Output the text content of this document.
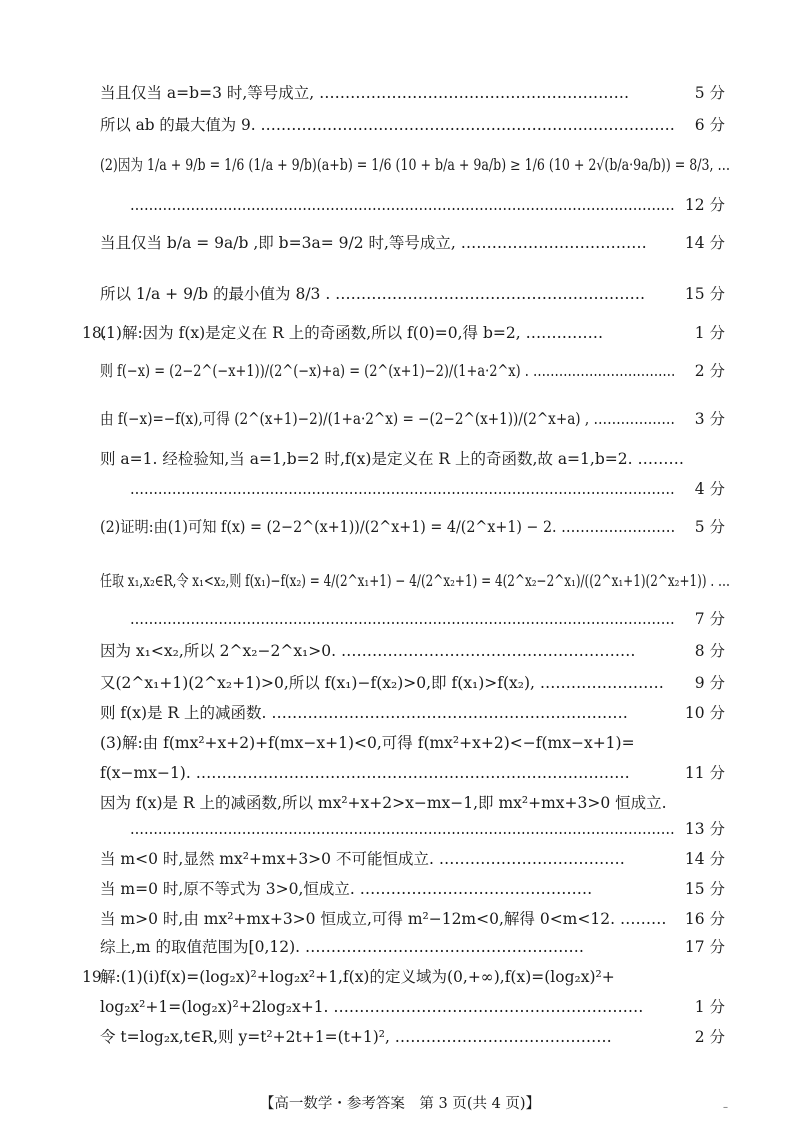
当且仅当 a=b=3 时,等号成立, ……………………………………………………	5 分
所以 ab 的最大值为 9. ……………………………………………………………………… 6 分
(2)因为 1/a + 9/b = 1/6 (1/a + 9/b)(a+b) = 1/6 (10 + b/a + 9a/b) ≥ 1/6 (10 + 2√(b/a·9a/b)) = 8/3, …
……………………………………………………………………………………………………… 12 分
当且仅当 b/a = 9a/b ,即 b=3a= 9/2 时,等号成立, ……………………………… 14 分
所以 1/a + 9/b 的最小值为 8/3 . ……………………………………………………	15 分
18.
(1)解:因为 f(x)是定义在 R 上的奇函数,所以 f(0)=0,得 b=2, ……………	1 分
则 f(−x) = (2−2^(−x+1))/(2^(−x)+a) = (2^(x+1)−2)/(1+a·2^x) . …………………………… 2 分
由 f(−x)=−f(x),可得 (2^(x+1)−2)/(1+a·2^x) = −(2−2^(x+1))/(2^x+a) , ……………… 3 分
则 a=1. 经检验知,当 a=1,b=2 时,f(x)是定义在 R 上的奇函数,故 a=1,b=2. ………
……………………………………………………………………………………………………… 4 分
(2)证明:由(1)可知 f(x) = (2−2^(x+1))/(2^x+1) = 4/(2^x+1) − 2. …………………… 5 分
任取 x₁,x₂∈R,令 x₁<x₂,则 f(x₁)−f(x₂) = 4/(2^x₁+1) − 4/(2^x₂+1) = 4(2^x₂−2^x₁)/((2^x₁+1)(2^x₂+1)) . …
……………………………………………………………………………………………………… 7 分
因为 x₁<x₂,所以 2^x₂−2^x₁>0. …………………………………………………	8 分
又(2^x₁+1)(2^x₂+1)>0,所以 f(x₁)−f(x₂)>0,即 f(x₁)>f(x₂), …………………… 9 分
则 f(x)是 R 上的减函数. ……………………………………………………………	10 分
(3)解:由 f(mx²+x+2)+f(mx−x+1)<0,可得 f(mx²+x+2)<−f(mx−x+1)=
f(x−mx−1). …………………………………………………………………………	11 分
因为 f(x)是 R 上的减函数,所以 mx²+x+2>x−mx−1,即 mx²+mx+3>0 恒成立.
……………………………………………………………………………………………………… 13 分
当 m<0 时,显然 mx²+mx+3>0 不可能恒成立. ………………………………	14 分
当 m=0 时,原不等式为 3>0,恒成立. ………………………………………	15 分
当 m>0 时,由 mx²+mx+3>0 恒成立,可得 m²−12m<0,解得 0<m<12. ……… 16 分
综上,m 的取值范围为[0,12). ………………………………………………	17 分
19.
解:(1)(ⅰ)f(x)=(log₂x)²+log₂x²+1,f(x)的定义域为(0,+∞),f(x)=(log₂x)²+
log₂x²+1=(log₂x)²+2log₂x+1. ……………………………………………………	1 分
令 t=log₂x,t∈R,则 y=t²+2t+1=(t+1)², ……………………………………	2 分
【高一数学・参考答案　第 3 页(共 4 页)】	–
